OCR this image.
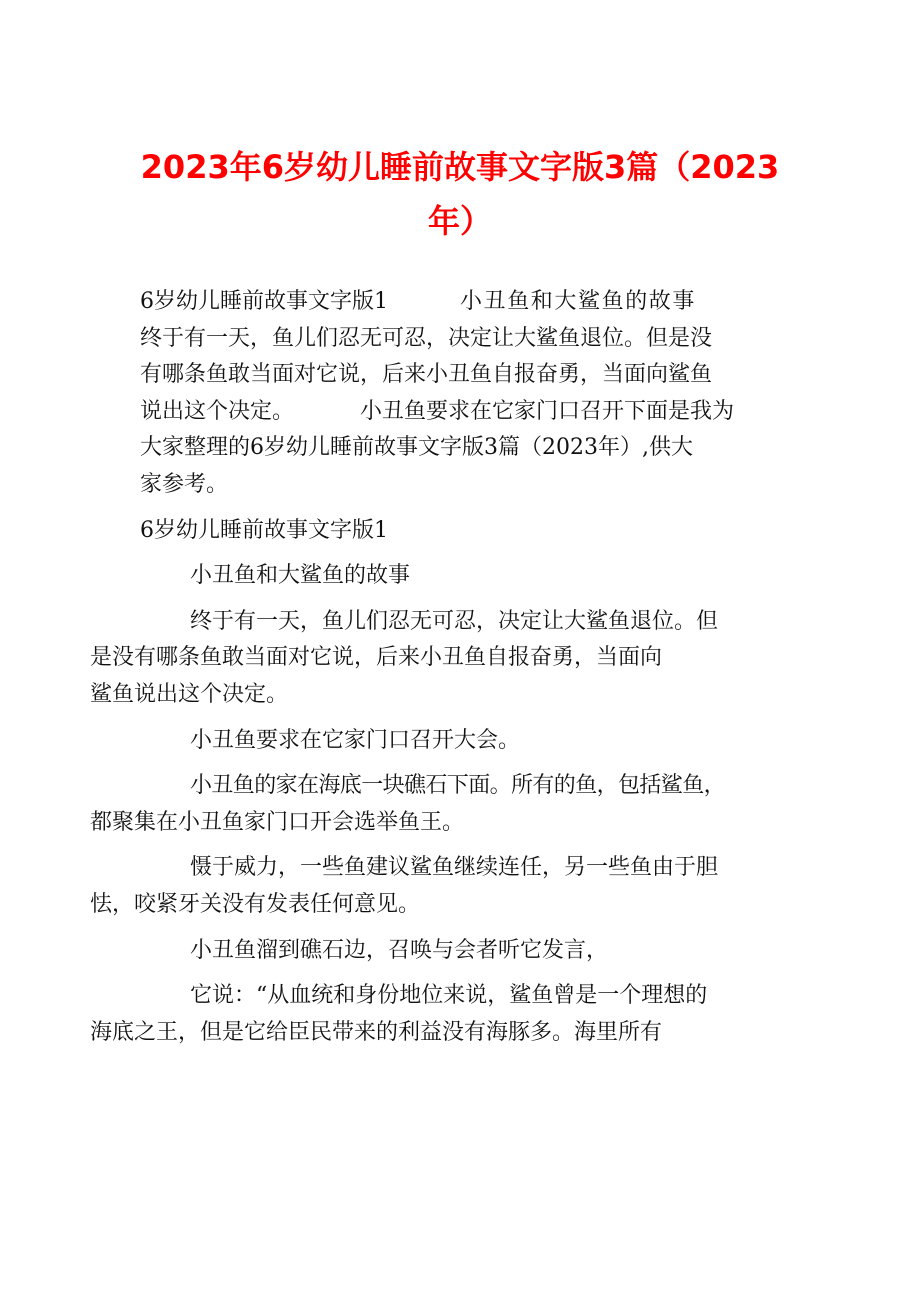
2023年6岁幼儿睡前故事文字版3篇（2023
年）
6岁幼儿睡前故事文字版1	小丑鱼和大鲨鱼的故事
终于有一天，鱼儿们忍无可忍，决定让大鲨鱼退位。但是没
有哪条鱼敢当面对它说，后来小丑鱼自报奋勇，当面向鲨鱼
说出这个决定。	小丑鱼要求在它家门口召开下面是我为
大家整理的6岁幼儿睡前故事文字版3篇（2023年）,供大
家参考。
6岁幼儿睡前故事文字版1
小丑鱼和大鲨鱼的故事
终于有一天，鱼儿们忍无可忍，决定让大鲨鱼退位。但
是没有哪条鱼敢当面对它说，后来小丑鱼自报奋勇，当面向
鲨鱼说出这个决定。
小丑鱼要求在它家门口召开大会。
小丑鱼的家在海底一块礁石下面。所有的鱼，包括鲨鱼，
都聚集在小丑鱼家门口开会选举鱼王。
慑于威力，一些鱼建议鲨鱼继续连任，另一些鱼由于胆
怯，咬紧牙关没有发表任何意见。
小丑鱼溜到礁石边，召唤与会者听它发言，
它说：“从血统和身份地位来说，鲨鱼曾是一个理想的
海底之王，但是它给臣民带来的利益没有海豚多。海里所有
